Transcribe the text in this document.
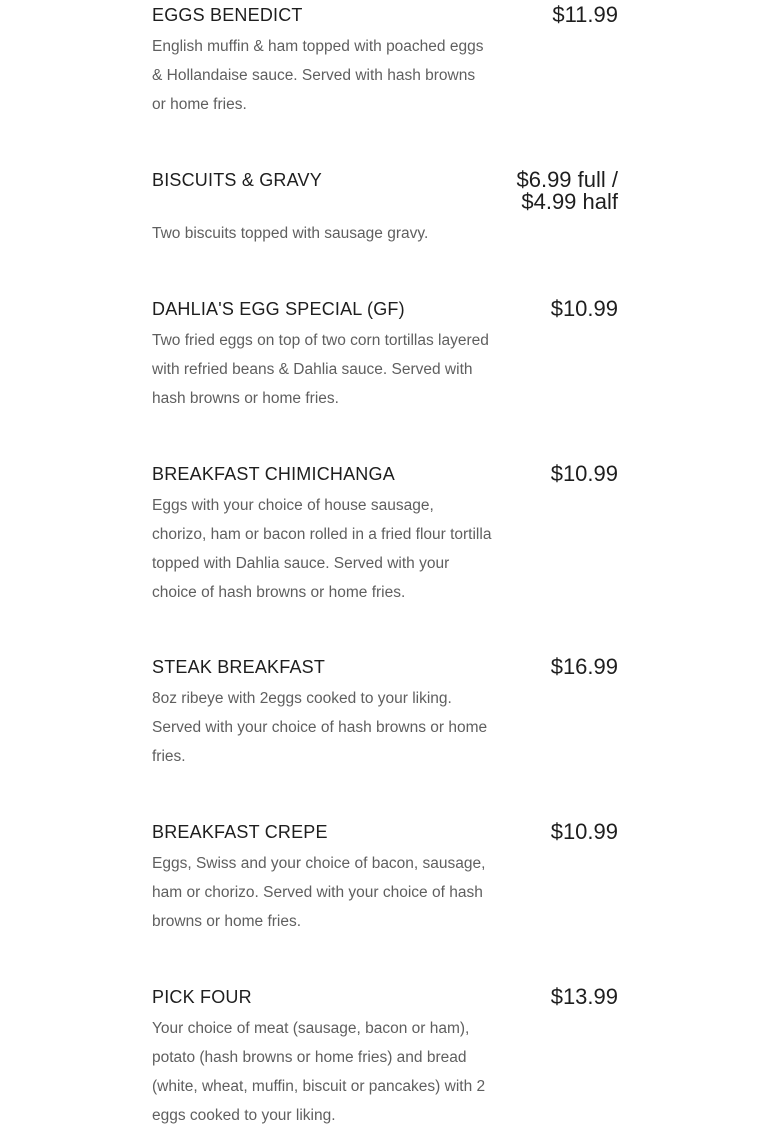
EGGS BENEDICT	$11.99
English muffin & ham topped with poached eggs & Hollandaise sauce. Served with hash browns or home fries.
BISCUITS & GRAVY	$6.99 full /
$4.99 half
Two biscuits topped with sausage gravy.
DAHLIA'S EGG SPECIAL (GF)	$10.99
Two fried eggs on top of two corn tortillas layered with refried beans & Dahlia sauce. Served with hash browns or home fries.
BREAKFAST CHIMICHANGA	$10.99
Eggs with your choice of house sausage, chorizo, ham or bacon rolled in a fried flour tortilla topped with Dahlia sauce. Served with your choice of hash browns or home fries.
STEAK BREAKFAST	$16.99
8oz ribeye with 2eggs cooked to your liking. Served with your choice of hash browns or home fries.
BREAKFAST CREPE	$10.99
Eggs, Swiss and your choice of bacon, sausage, ham or chorizo. Served with your choice of hash browns or home fries.
PICK FOUR	$13.99
Your choice of meat (sausage, bacon or ham), potato (hash browns or home fries) and bread (white, wheat, muffin, biscuit or pancakes) with 2 eggs cooked to your liking.
